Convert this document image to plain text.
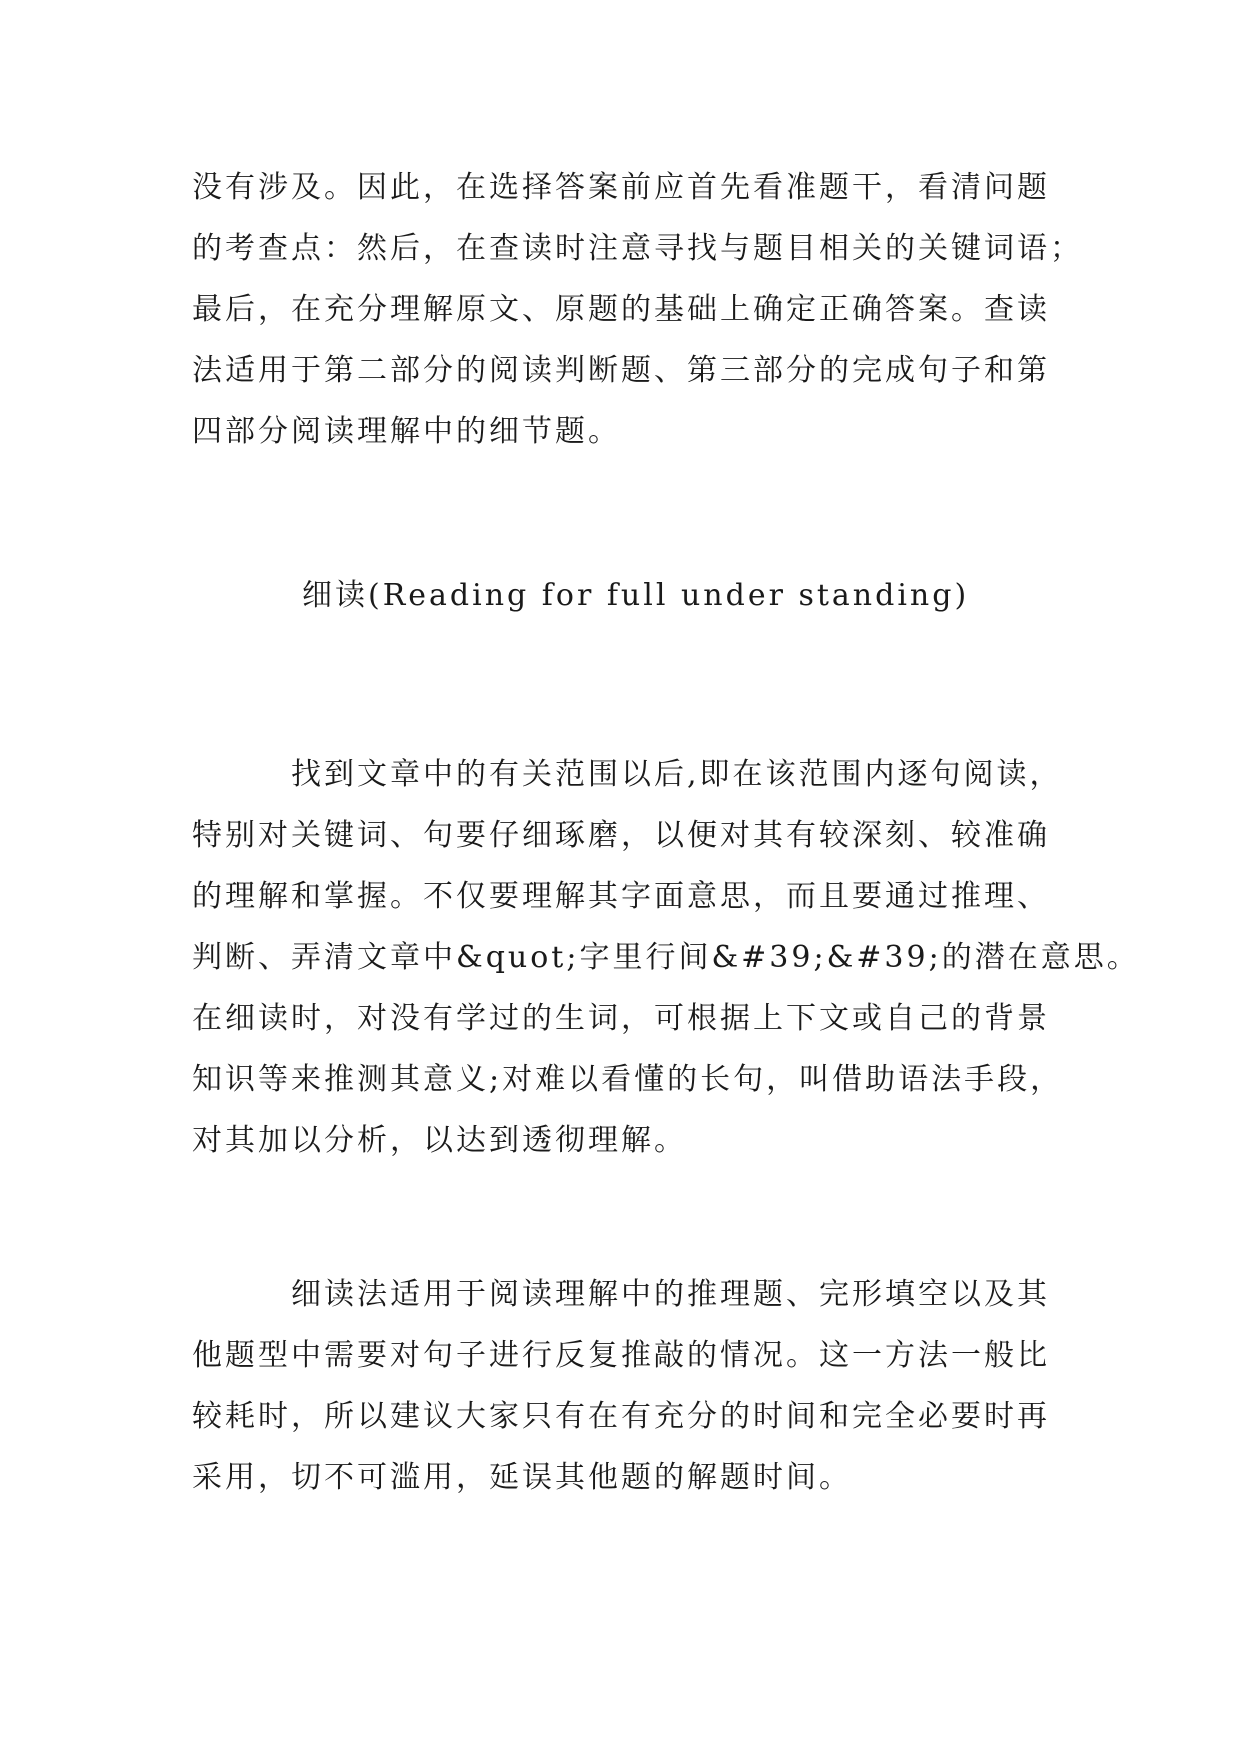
没有涉及。因此，在选择答案前应首先看准题干，看清问题
的考查点：然后，在查读时注意寻找与题目相关的关键词语；
最后，在充分理解原文、原题的基础上确定正确答案。查读
法适用于第二部分的阅读判断题、第三部分的完成句子和第
四部分阅读理解中的细节题。
细读(Reading for full under standing)
　　　找到文章中的有关范围以后,即在该范围内逐句阅读，
特别对关键词、句要仔细琢磨，以便对其有较深刻、较准确
的理解和掌握。不仅要理解其字面意思，而且要通过推理、
判断、弄清文章中&quot;字里行间&#39;&#39;的潜在意思。
在细读时，对没有学过的生词，可根据上下文或自己的背景
知识等来推测其意义;对难以看懂的长句，叫借助语法手段，
对其加以分析，以达到透彻理解。
　　　细读法适用于阅读理解中的推理题、完形填空以及其
他题型中需要对句子进行反复推敲的情况。这一方法一般比
较耗时，所以建议大家只有在有充分的时间和完全必要时再
采用，切不可滥用，延误其他题的解题时间。
